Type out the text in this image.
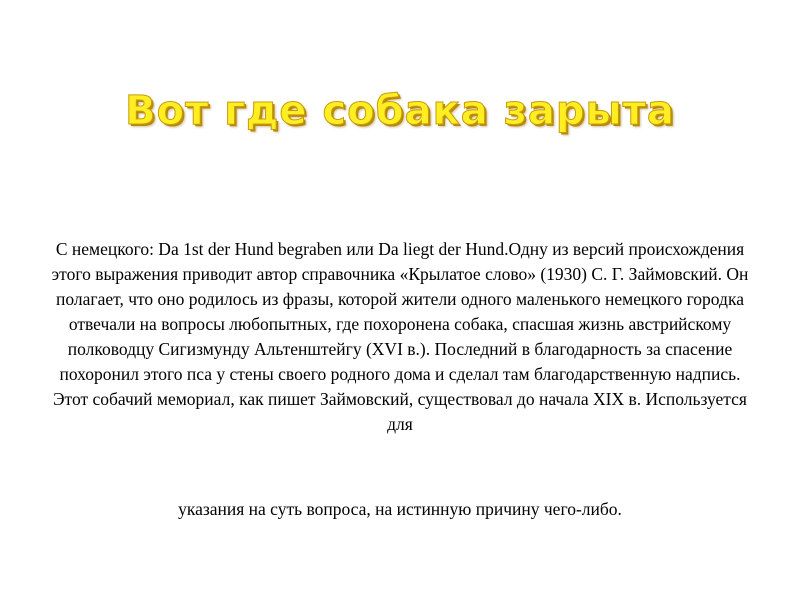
Вот где собака зарыта

С немецкого: Da 1st der Hund begraben или Da liegt der Hund.Одну из версий происхождения этого выражения приводит автор справочника «Крылатое слово» (1930) С. Г. Займовский. Он полагает, что оно родилось из фразы, которой жители одного маленького немецкого городка отвечали на вопросы любопытных, где похоронена собака, спасшая жизнь австрийскому полководцу Сигизмунду Альтенштейгу (XVI в.). Последний в благодарность за спасение похоронил этого пса у стены своего родного дома и сделал там благодарственную надпись. Этот собачий мемориал, как пишет Займовский, существовал до начала XIX в. Используется для

указания на суть вопроса, на истинную причину чего-либо.
